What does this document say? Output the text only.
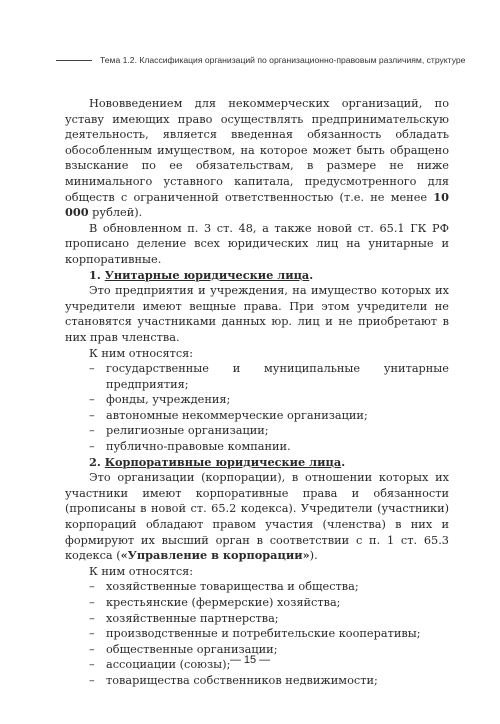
Тема 1.2. Классификация организаций по организационно-правовым различиям, структуре

Нововведением для некоммерческих организаций, по уставу имеющих право осуществлять предпринимательскую деятельность, является введенная обязанность обладать обособленным имуществом, на которое может быть обращено взыскание по ее обязательствам, в размере не ниже минимального уставного капитала, предусмотренного для обществ с ограниченной ответственностью (т.е. не менее 10 000 рублей).

В обновленном п. 3 ст. 48, а также новой ст. 65.1 ГК РФ прописано деление всех юридических лиц на унитарные и корпоративные.

1. Унитарные юридические лица.

Это предприятия и учреждения, на имущество которых их учредители имеют вещные права. При этом учредители не становятся участниками данных юр. лиц и не приобретают в них прав членства.

К ним относятся:

–	государственные и муниципальные унитарные предприятия;
–	фонды, учреждения;
–	автономные некоммерческие организации;
–	религиозные организации;
–	публично-правовые компании.

2. Корпоративные юридические лица.

Это организации (корпорации), в отношении которых их участники имеют корпоративные права и обязанности (прописаны в новой ст. 65.2 кодекса). Учредители (участники) корпораций обладают правом участия (членства) в них и формируют их высший орган в соответствии с п. 1 ст. 65.3 кодекса («Управление в корпорации»).

К ним относятся:

–	хозяйственные товарищества и общества;
–	крестьянские (фермерские) хозяйства;
–	хозяйственные партнерства;
–	производственные и потребительские кооперативы;
–	общественные организации;
–	ассоциации (союзы);
–	товарищества собственников недвижимости;
— 15 —
